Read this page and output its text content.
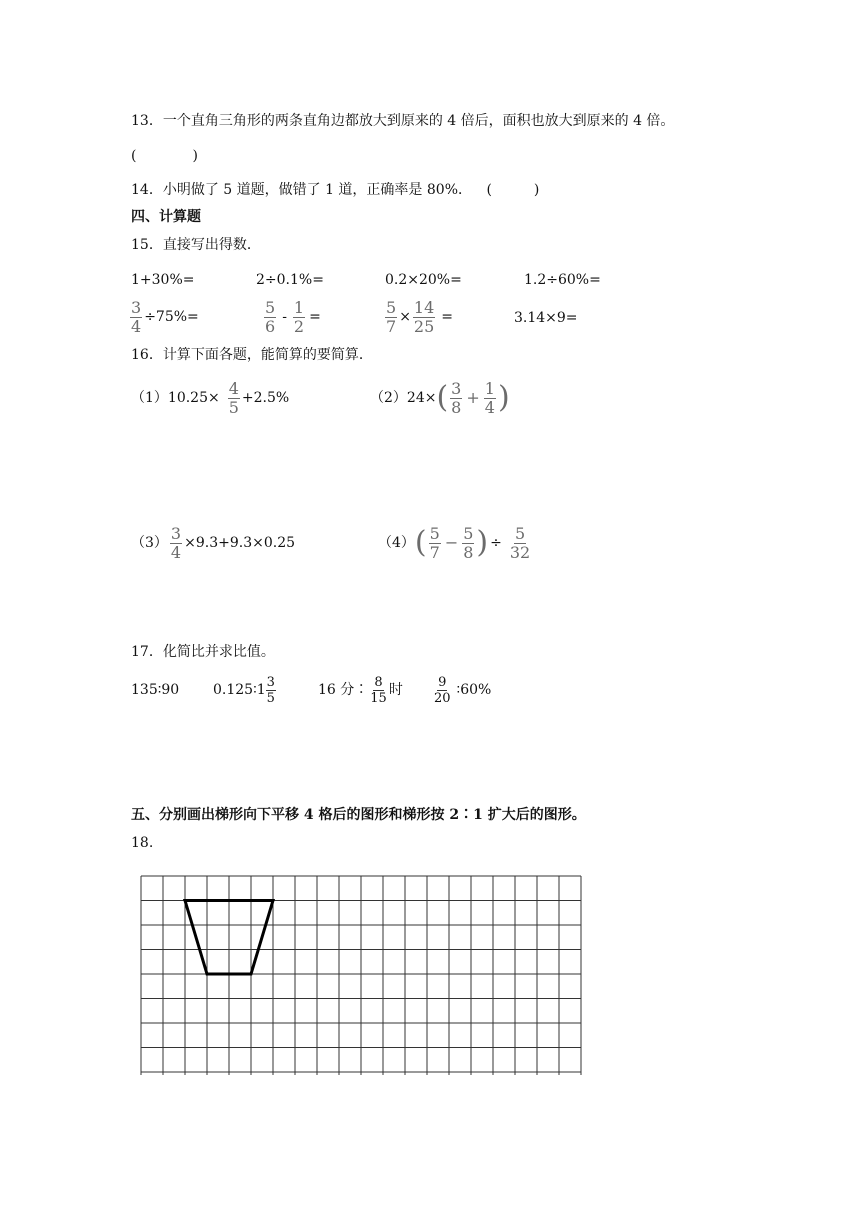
13．一个直角三角形的两条直角边都放大到原来的 4 倍后，面积也放大到原来的 4 倍。
(　　　　)
14．小明做了 5 道题，做错了 1 道，正确率是 80%． (　　　)
四、计算题
15．直接写出得数．
1+30%=	2÷0.1%=	0.2×20%=	1.2÷60%=
$\frac{3}{4} \div 75\%=$	$\frac{5}{6} - \frac{1}{2}$ =	$\frac{5}{7} \times \frac{14}{25}$ =	3.14×9=
16．计算下面各题，能简算的要简算．
$(1)10.25\times \frac{4}{5} +2.5\%$	（2）24× ( $\frac{3}{8} + \frac{1}{4}$ )
$(3) \frac{3}{4} \times 9.3+9.3\times 0.25$	（4） ( $\frac{5}{7} - \frac{5}{8}$ ) ÷ $\frac{5}{32}$
17．化简比并求比值。
135∶90 0.125∶1 $\frac{3}{5}$	16 分∶ $\frac{8}{15}$ 时 $\frac{9}{20}$ ∶60%
五、分别画出梯形向下平移 4 格后的图形和梯形按 2∶1 扩大后的图形。
18.
